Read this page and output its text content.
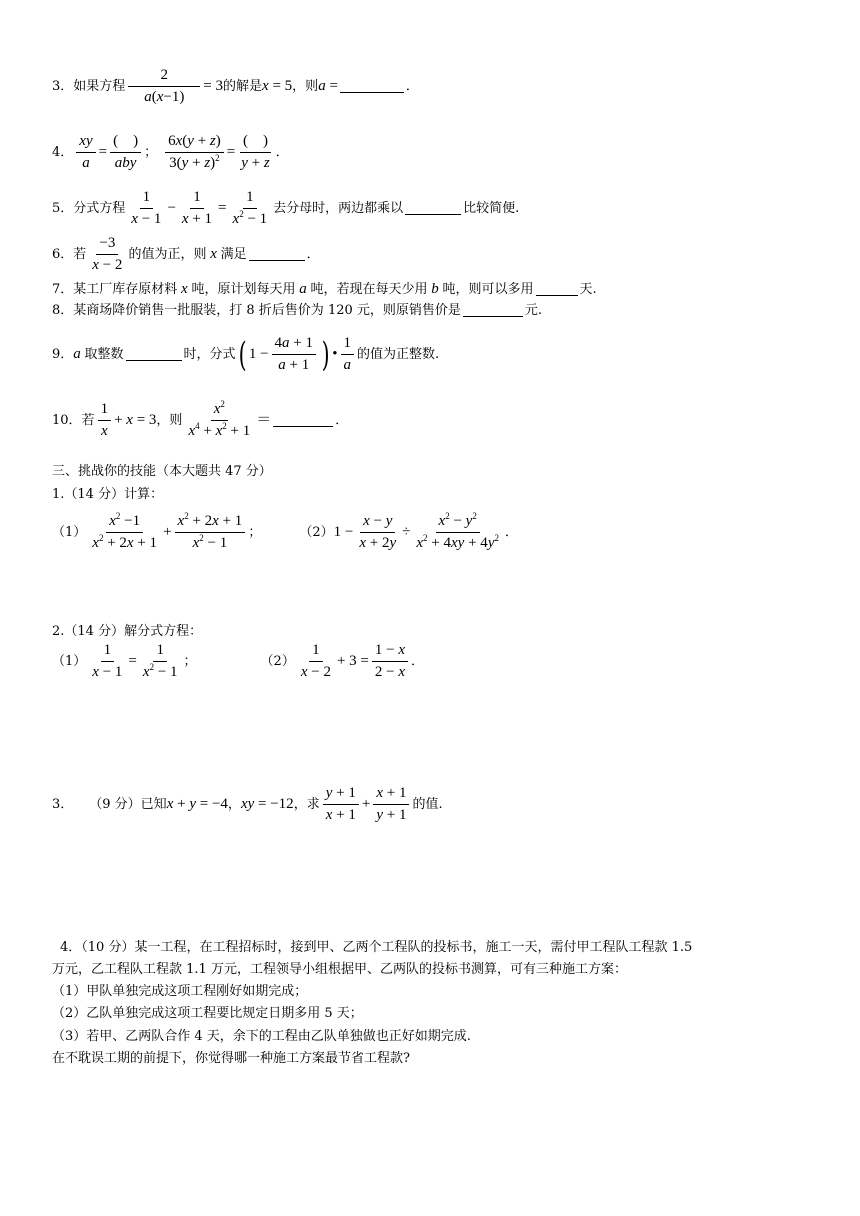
3． 如果方程 $\frac{2}{a(x-1)} = 3$ 的解是 x = 5 ，则 a =	．
4． $\frac{xy}{a} = \frac{( )}{\text{aby}}$ ； $\frac{6x(y + z)}{3(y + z)^2} = \frac{( )}{y + z}$ ．
5． 分式方程 $\frac{1}{x - 1} - \frac{1}{x + 1} = \frac{1}{x^2 - 1}$ 去分母时，两边都乘以	比较简便.
6． 若 $\frac{-3}{x - 2}$ 的值为正，则 x 满足	．
7．某工厂库存原材料 x 吨，原计划每天用 a 吨，若现在每天少用 b 吨，则可以多用	天.
8．某商场降价销售一批服装，打 8 折后售价为 120 元，则原销售价是	元.
9． a 取整数	时，分式 ( $1 - \frac{4a + 1}{a + 1}$ ) • $\frac{1}{a}$ 的值为正整数.
10． 若 $\frac{1}{x} + x = 3$ ，则 $\frac{x^2}{x^4 + x^2 + 1}$ ＝	．
三、挑战你的技能（本大题共 47 分）
1.（14 分）计算：
$(1) \frac{x^2 -1}{x^2 + 2x + 1} + \frac{x^2 + 2x + 1}{x^2 - 1}$ ；	（2） $1 - \frac{x - y}{x + 2y} \div \frac{x^2 - y^2}{x^2 + 4xy + 4y^2}$ ．
2.（14 分）解分式方程：
$(1) \frac{1}{x - 1} = \frac{1}{x^2 - 1}$ ；	$(2) \frac{1}{x - 2} + 3 = \frac{1 - x}{2 - x}$ ．
3． （9 分）已知 x + y = −4 ， xy = −12 ，求 $\frac{y + 1}{x + 1} + \frac{x + 1}{y + 1}$ 的值.
4．（10 分）某一工程，在工程招标时，接到甲、乙两个工程队的投标书，施工一天，需付甲工程队工程款 1.5
万元，乙工程队工程款 1.1 万元，工程领导小组根据甲、乙两队的投标书测算，可有三种施工方案：
（1）甲队单独完成这项工程刚好如期完成；
（2）乙队单独完成这项工程要比规定日期多用 5 天；
（3）若甲、乙两队合作 4 天，余下的工程由乙队单独做也正好如期完成.
在不耽误工期的前提下，你觉得哪一种施工方案最节省工程款?
